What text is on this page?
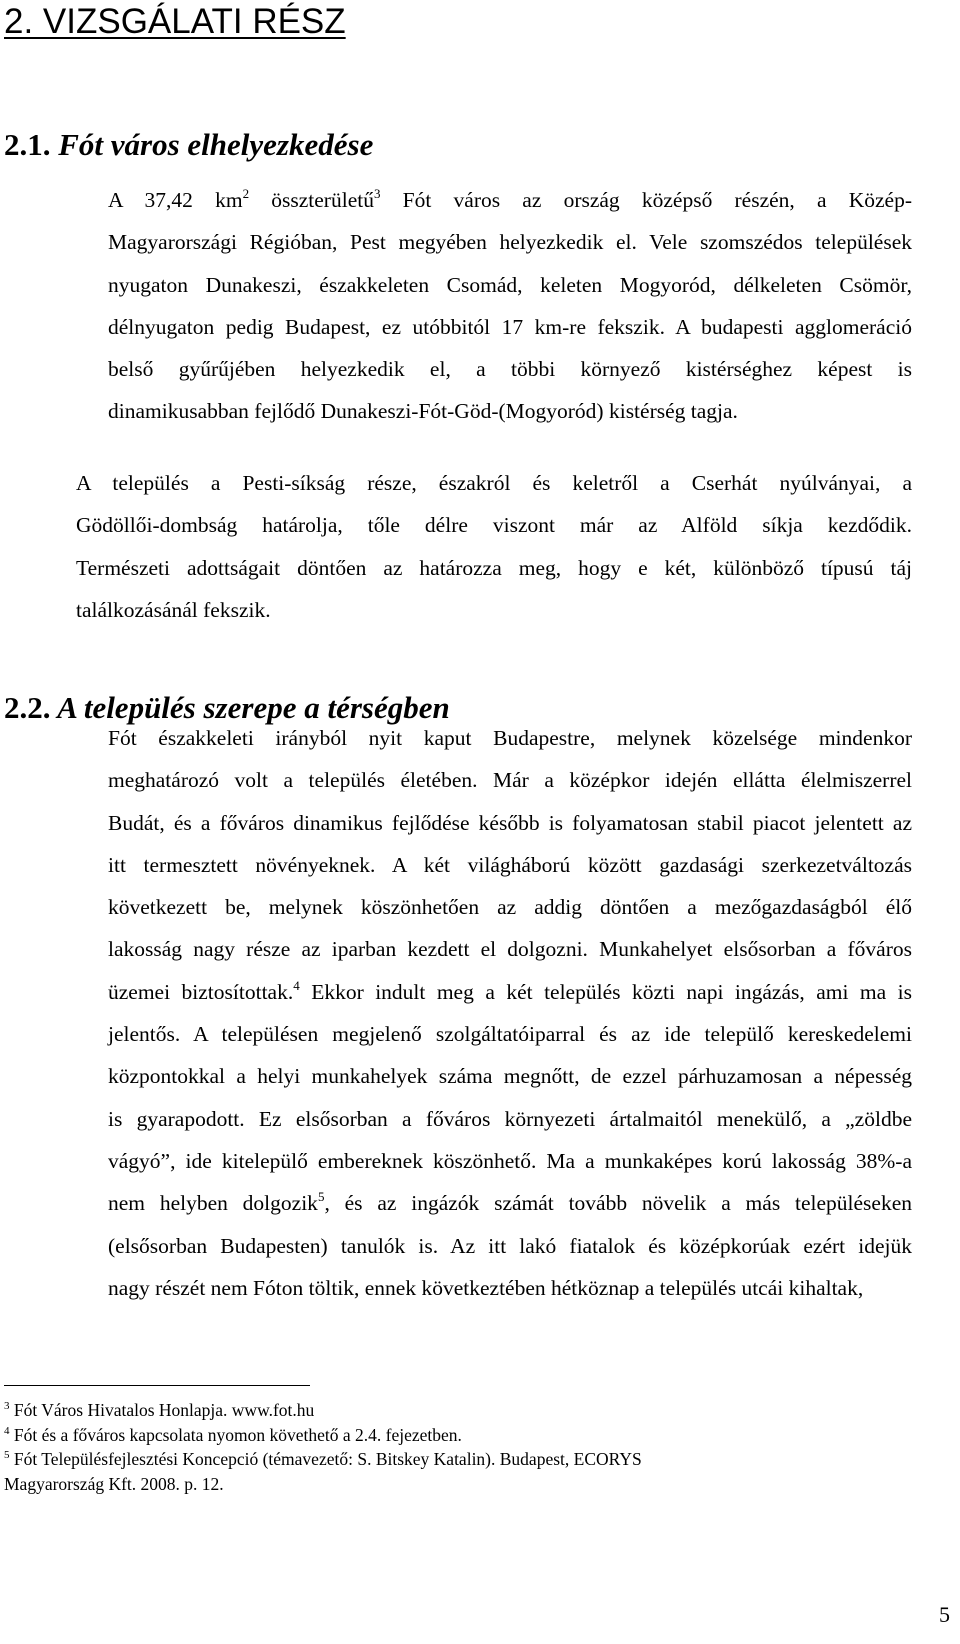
2. VIZSGÁLATI RÉSZ
2.1. Fót város elhelyezkedése
A 37,42 $km^2$ összterületű$^3$ Fót város az ország középső részén, a Közép-
Magyarországi Régióban, Pest megyében helyezkedik el. Vele szomszédos települések
nyugaton Dunakeszi, északkeleten Csomád, keleten Mogyoród, délkeleten Csömör,
délnyugaton pedig Budapest, ez utóbbitól 17 km-re fekszik. A budapesti agglomeráció
belső gyűrűjében helyezkedik el, a többi környező kistérséghez képest is
dinamikusabban fejlődő Dunakeszi-Fót-Göd-(Mogyoród) kistérség tagja.
A település a Pesti-síkság része, északról és keletről a Cserhát nyúlványai, a
Gödöllői-dombság határolja, tőle délre viszont már az Alföld síkja kezdődik.
Természeti adottságait döntően az határozza meg, hogy e két, különböző típusú táj
találkozásánál fekszik.
2.2. A település szerepe a térségben
Fót északkeleti irányból nyit kaput Budapestre, melynek közelsége mindenkor
meghatározó volt a település életében. Már a középkor idején ellátta élelmiszerrel
Budát, és a főváros dinamikus fejlődése később is folyamatosan stabil piacot jelentett az
itt termesztett növényeknek. A két világháború között gazdasági szerkezetváltozás
következett be, melynek köszönhetően az addig döntően a mezőgazdaságból élő
lakosság nagy része az iparban kezdett el dolgozni. Munkahelyet elsősorban a főváros
üzemei biztosítottak.$^4$ Ekkor indult meg a két település közti napi ingázás, ami ma is
jelentős. A településen megjelenő szolgáltatóiparral és az ide települő kereskedelemi
központokkal a helyi munkahelyek száma megnőtt, de ezzel párhuzamosan a népesség
is gyarapodott. Ez elsősorban a főváros környezeti ártalmaitól menekülő, a „zöldbe
vágyó”, ide kitelepülő embereknek köszönhető. Ma a munkaképes korú lakosság 38%-a
nem helyben dolgozik$^5$, és az ingázók számát tovább növelik a más településeken
(elsősorban Budapesten) tanulók is. Az itt lakó fiatalok és középkorúak ezért idejük
nagy részét nem Fóton töltik, ennek következtében hétköznap a település utcái kihaltak,
$^3$ Fót Város Hivatalos Honlapja. www.fot.hu
$^4$ Fót és a főváros kapcsolata nyomon követhető a 2.4. fejezetben.
$^5$ Fót Településfejlesztési Koncepció (témavezető: S. Bitskey Katalin). Budapest, ECORYS
Magyarország Kft. 2008. p. 12.
5
